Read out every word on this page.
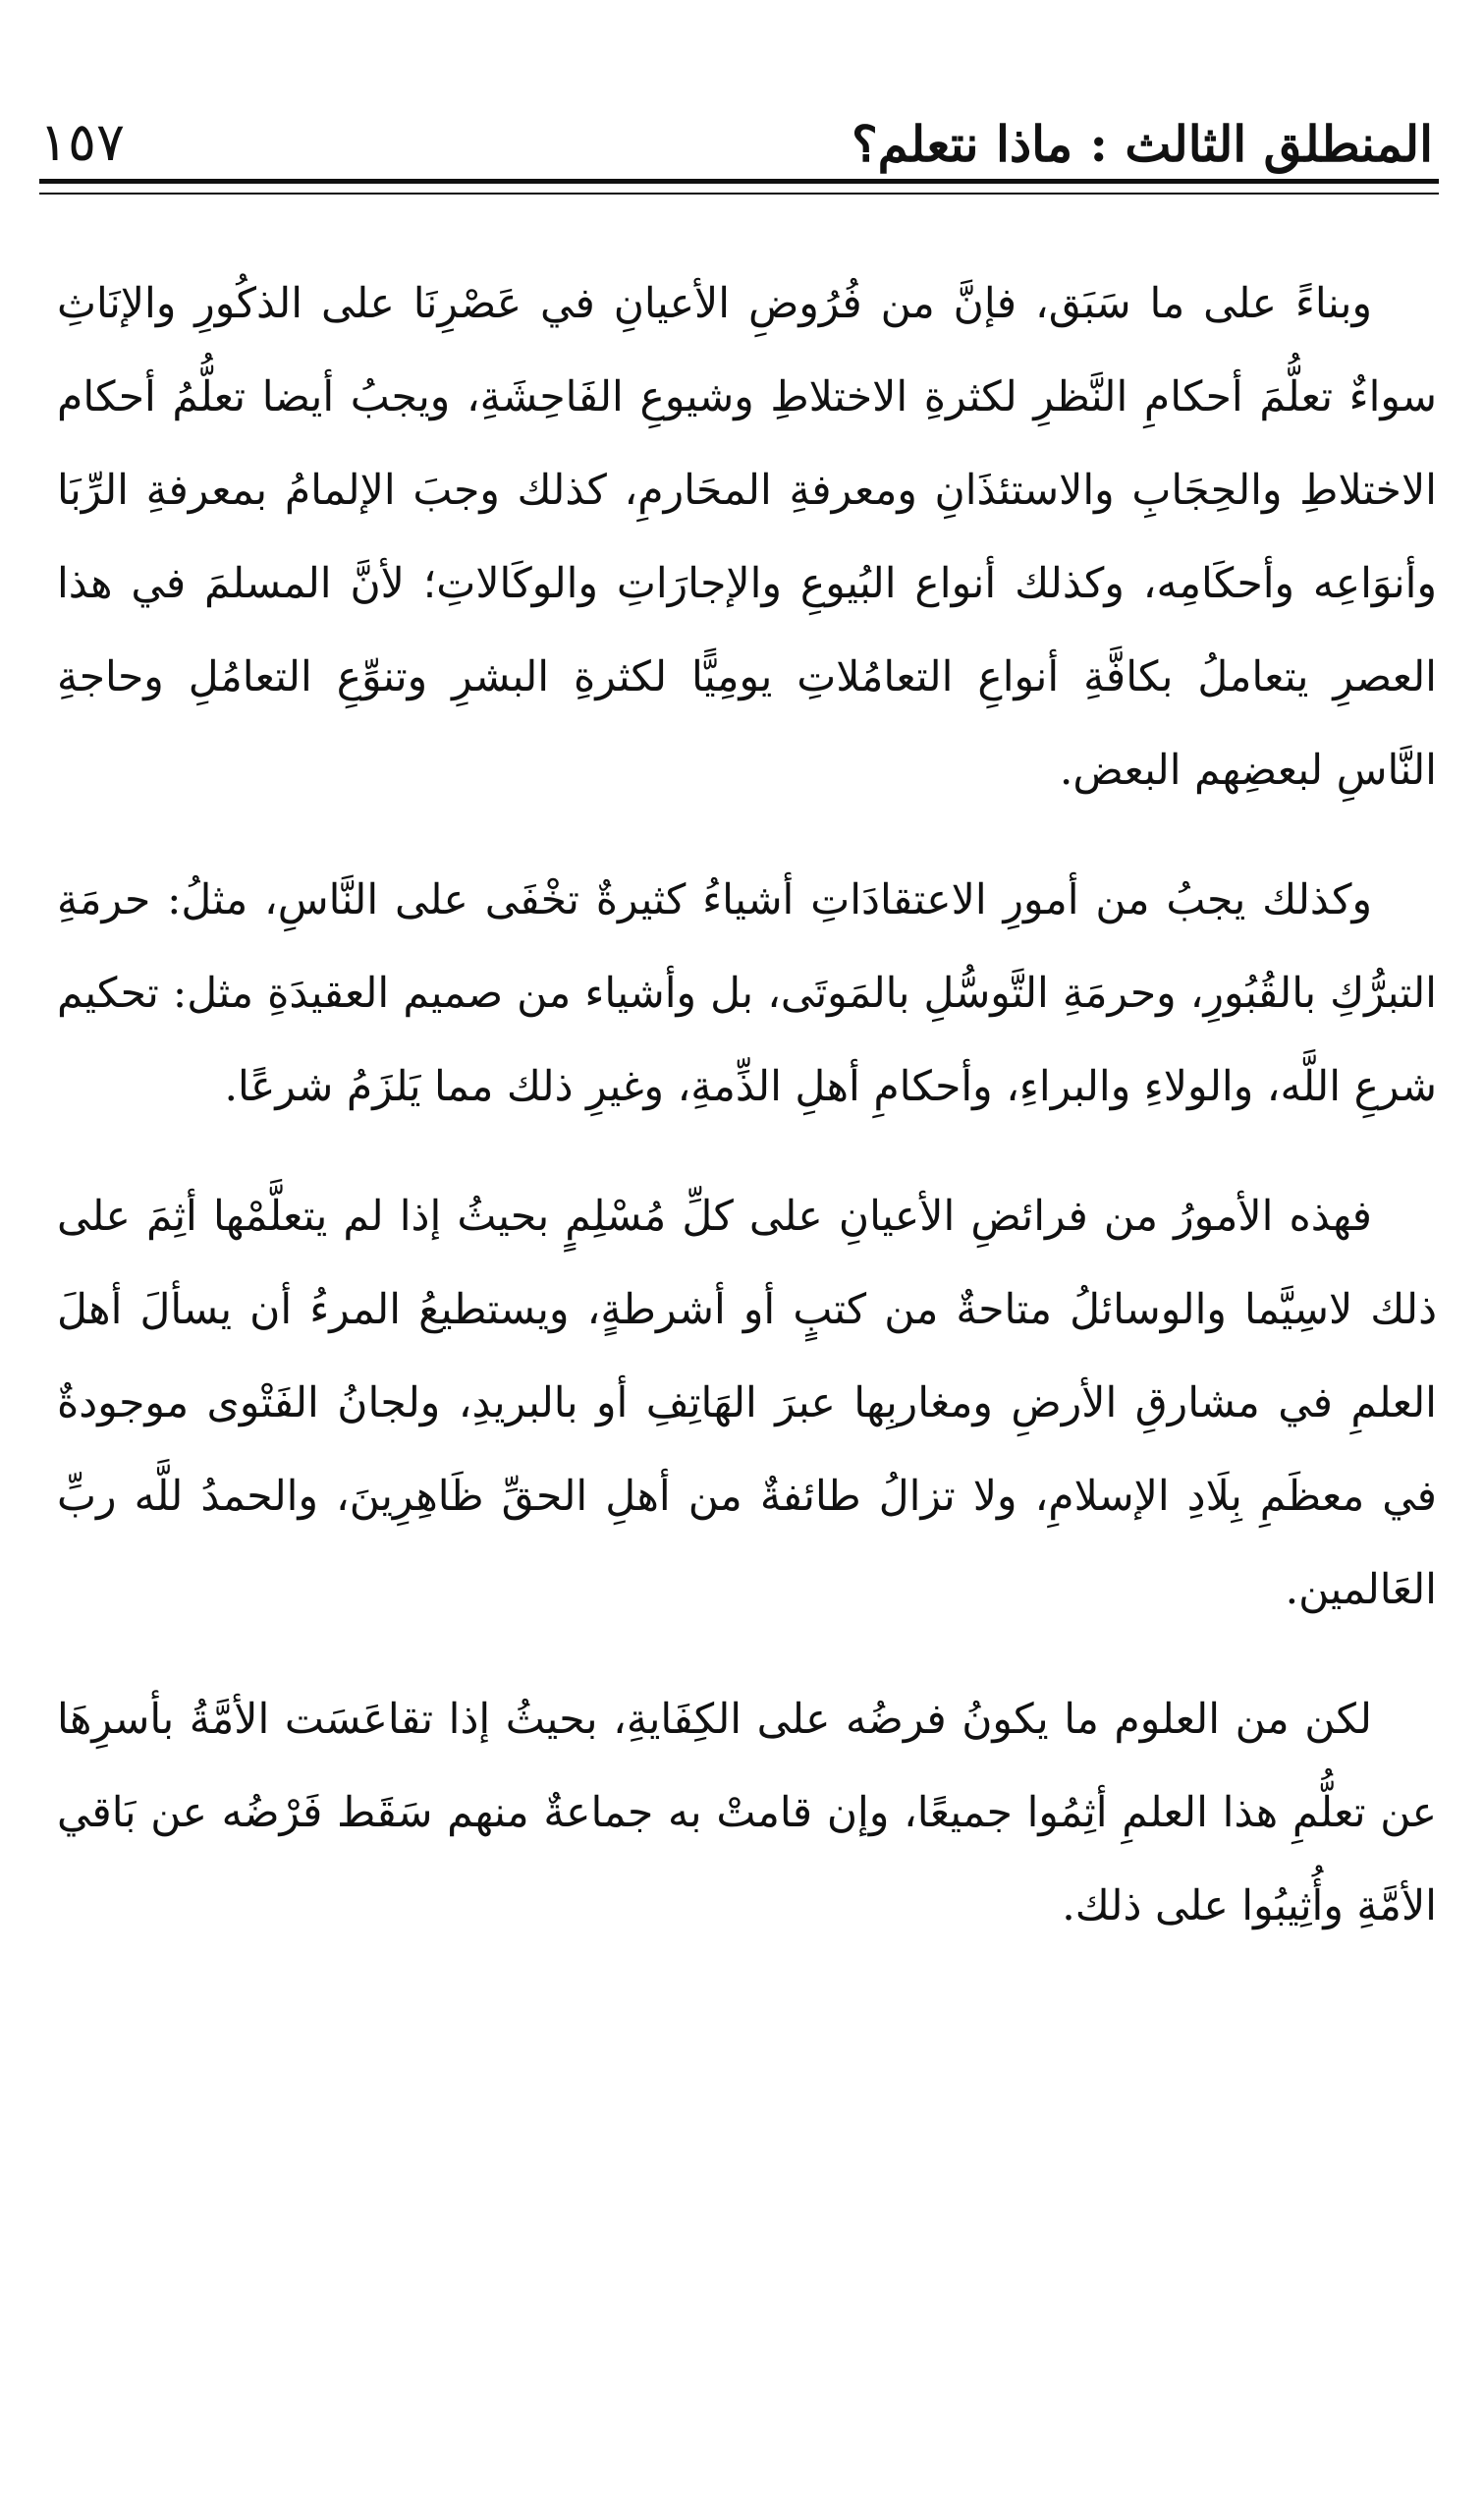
المنطلق الثالث : ماذا نتعلم؟
١٥٧

وبناءً على ما سَبَق، فإنَّ من فُرُوضِ الأعيانِ في عَصْرِنَا على الذكُورِ والإنَاثِ سواءٌ تعلُّمَ أحكامِ النَّظرِ لكثرةِ الاختلاطِ وشيوعِ الفَاحِشَةِ، ويجبُ أيضا تعلُّمُ أحكام الاختلاطِ والحِجَابِ والاستئذَانِ ومعرفةِ المحَارمِ، كذلك وجبَ الإلمامُ بمعرفةِ الرِّبَا وأنوَاعِه وأحكَامِه، وكذلك أنواع البُيوعِ والإجارَاتِ والوكَالاتِ؛ لأنَّ المسلمَ في هذا العصرِ يتعاملُ بكافَّةِ أنواعِ التعامُلاتِ يومِيًّا لكثرةِ البشرِ وتنوِّعِ التعامُلِ وحاجةِ النَّاسِ لبعضِهم البعض.

وكذلك يجبُ من أمورِ الاعتقادَاتِ أشياءُ كثيرةٌ تخْفَى على النَّاسِ، مثلُ: حرمَةِ التبرُّكِ بالقُبُورِ، وحرمَةِ التَّوسُّلِ بالمَوتَى، بل وأشياء من صميم العقيدَةِ مثل: تحكيم شرعِ اللَّه، والولاءِ والبراءِ، وأحكامِ أهلِ الذِّمةِ، وغيرِ ذلك مما يَلزَمُ شرعًا.

فهذه الأمورُ من فرائضِ الأعيانِ على كلِّ مُسْلِمٍ بحيثُ إذا لم يتعلَّمْها أثِمَ على ذلك لاسِيَّما والوسائلُ متاحةٌ من كتبٍ أو أشرطةٍ، ويستطيعُ المرءُ أن يسألَ أهلَ العلمِ في مشارقِ الأرضِ ومغاربِها عبرَ الهَاتِفِ أو بالبريدِ، ولجانُ الفَتْوى موجودةٌ في معظَمِ بِلَادِ الإسلامِ، ولا تزالُ طائفةٌ من أهلِ الحقِّ ظَاهِرِينَ، والحمدُ للَّه ربِّ العَالمين.

لكن من العلوم ما يكونُ فرضُه على الكِفَايةِ، بحيثُ إذا تقاعَسَت الأمَّةُ بأسرِهَا عن تعلُّمِ هذا العلمِ أثِمُوا جميعًا، وإن قامتْ به جماعةٌ منهم سَقَط فَرْضُه عن بَاقي الأمَّةِ وأُثِيبُوا على ذلك.
